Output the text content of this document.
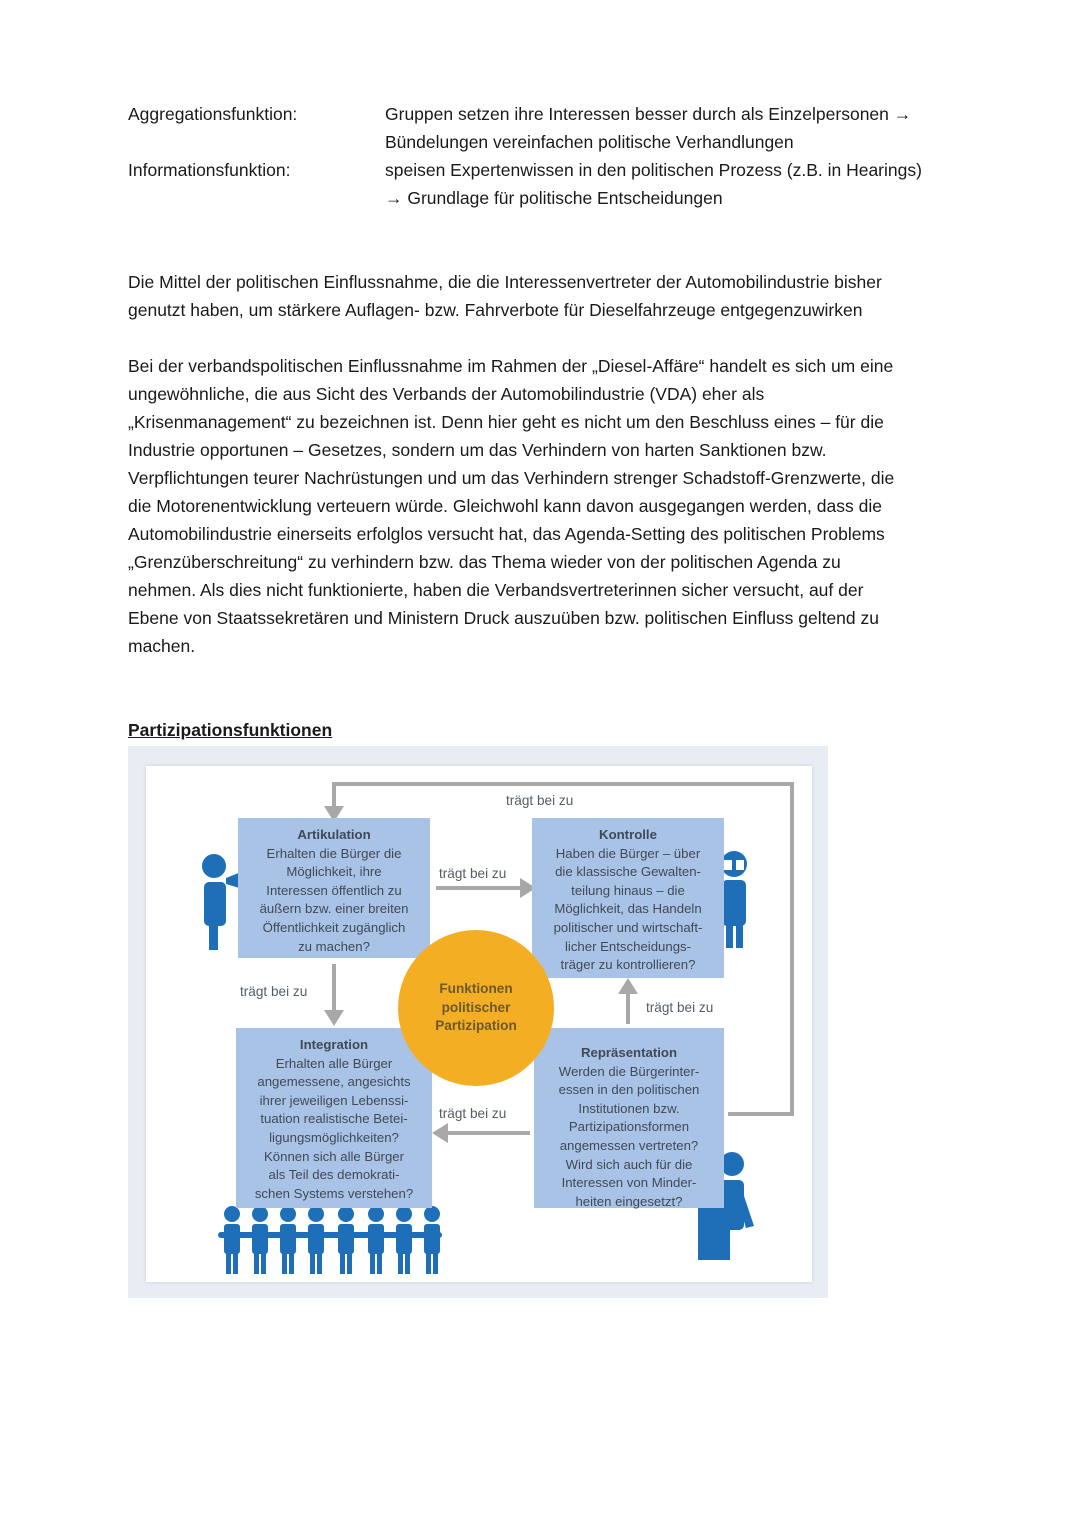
Aggregationsfunktion:	Gruppen setzen ihre Interessen besser durch als Einzelpersonen →
Bündelungen vereinfachen politische Verhandlungen
Informationsfunktion:	speisen Expertenwissen in den politischen Prozess (z.B. in Hearings)
→ Grundlage für politische Entscheidungen
Die Mittel der politischen Einflussnahme, die die Interessenvertreter der Automobilindustrie bisher
genutzt haben, um stärkere Auflagen- bzw. Fahrverbote für Dieselfahrzeuge entgegenzuwirken
Bei der verbandspolitischen Einflussnahme im Rahmen der „Diesel-Affäre“ handelt es sich um eine
ungewöhnliche, die aus Sicht des Verbands der Automobilindustrie (VDA) eher als
„Krisenmanagement“ zu bezeichnen ist. Denn hier geht es nicht um den Beschluss eines – für die
Industrie opportunen – Gesetzes, sondern um das Verhindern von harten Sanktionen bzw.
Verpflichtungen teurer Nachrüstungen und um das Verhindern strenger Schadstoff-Grenzwerte, die
die Motorenentwicklung verteuern würde. Gleichwohl kann davon ausgegangen werden, dass die
Automobilindustrie einerseits erfolglos versucht hat, das Agenda-Setting des politischen Problems
„Grenzüberschreitung“ zu verhindern bzw. das Thema wieder von der politischen Agenda zu
nehmen. Als dies nicht funktionierte, haben die Verbandsvertreterinnen sicher versucht, auf der
Ebene von Staatssekretären und Ministern Druck auszuüben bzw. politischen Einfluss geltend zu
machen.
Partizipationsfunktionen
Artikulation
Erhalten die Bürger die
Möglichkeit, ihre
Interessen öffentlich zu
äußern bzw. einer breiten
Öffentlichkeit zugänglich
zu machen?
Kontrolle
Haben die Bürger – über
die klassische Gewalten-
teilung hinaus – die
Möglichkeit, das Handeln
politischer und wirtschaft-
licher Entscheidungs-
träger zu kontrollieren?
Integration
Erhalten alle Bürger
angemessene, angesichts
ihrer jeweiligen Lebenssi-
tuation realistische Betei-
ligungsmöglichkeiten?
Können sich alle Bürger
als Teil des demokrati-
schen Systems verstehen?
Repräsentation
Werden die Bürgerinter-
essen in den politischen
Institutionen bzw.
Partizipationsformen
angemessen vertreten?
Wird sich auch für die
Interessen von Minder-
heiten eingesetzt?
Funktionen
politischer
Partizipation
trägt bei zu
trägt bei zu
trägt bei zu
trägt bei zu
trägt bei zu
